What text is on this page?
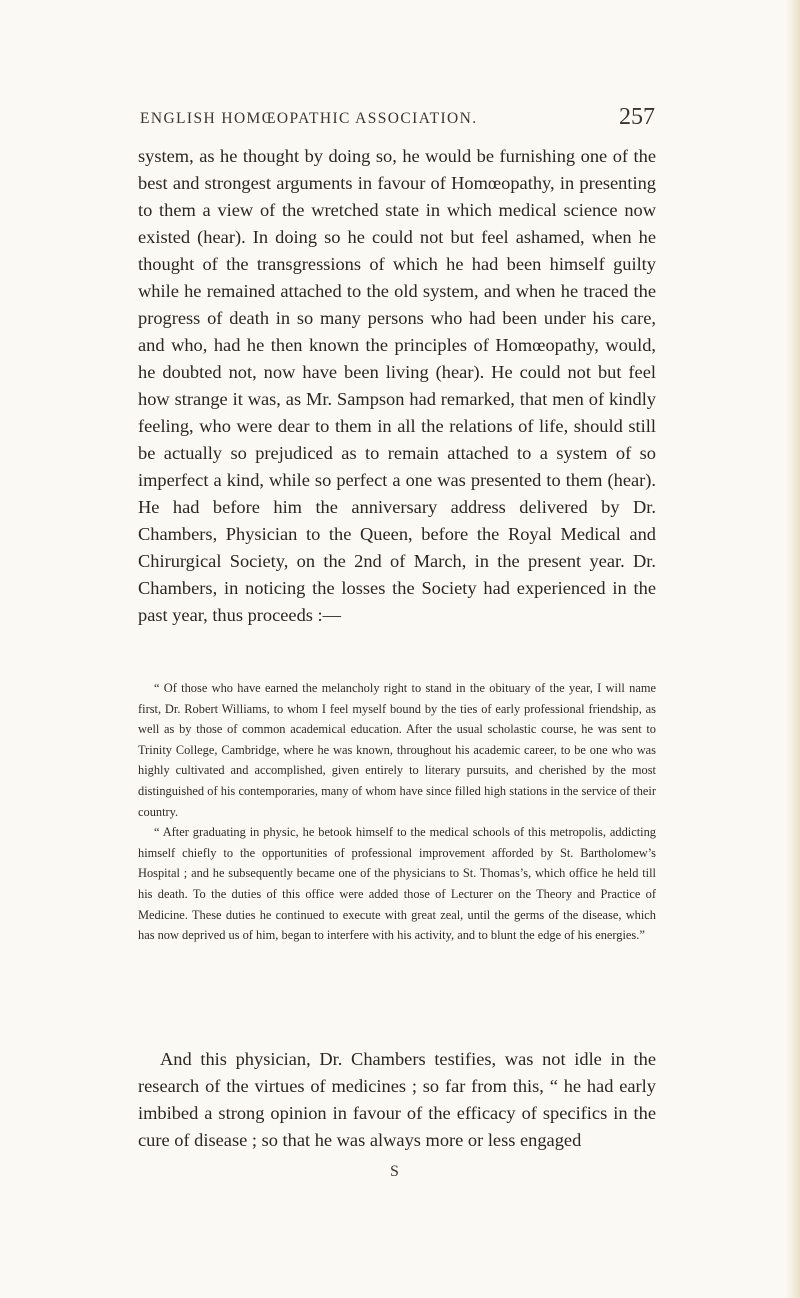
ENGLISH HOMŒOPATHIC ASSOCIATION.	257

system, as he thought by doing so, he would be furnishing one of the best and strongest arguments in favour of Homœopathy, in presenting to them a view of the wretched state in which medical science now existed (hear). In doing so he could not but feel ashamed, when he thought of the transgressions of which he had been himself guilty while he remained attached to the old system, and when he traced the progress of death in so many persons who had been under his care, and who, had he then known the principles of Homœopathy, would, he doubted not, now have been living (hear). He could not but feel how strange it was, as Mr. Sampson had remarked, that men of kindly feeling, who were dear to them in all the relations of life, should still be actually so prejudiced as to remain attached to a system of so imperfect a kind, while so perfect a one was presented to them (hear). He had before him the anniversary address delivered by Dr. Chambers, Physician to the Queen, before the Royal Medical and Chirurgical Society, on the 2nd of March, in the present year. Dr. Chambers, in noticing the losses the Society had experienced in the past year, thus proceeds :—

“ Of those who have earned the melancholy right to stand in the obituary of the year, I will name first, Dr. Robert Williams, to whom I feel myself bound by the ties of early professional friendship, as well as by those of common academical education. After the usual scholastic course, he was sent to Trinity College, Cambridge, where he was known, throughout his academic career, to be one who was highly cultivated and accomplished, given entirely to literary pursuits, and cherished by the most distinguished of his contemporaries, many of whom have since filled high stations in the service of their country.

“ After graduating in physic, he betook himself to the medical schools of this metropolis, addicting himself chiefly to the opportunities of professional improvement afforded by St. Bartholomew’s Hospital ; and he subsequently became one of the physicians to St. Thomas’s, which office he held till his death. To the duties of this office were added those of Lecturer on the Theory and Practice of Medicine. These duties he continued to execute with great zeal, until the germs of the disease, which has now deprived us of him, began to interfere with his activity, and to blunt the edge of his energies.”

And this physician, Dr. Chambers testifies, was not idle in the research of the virtues of medicines ; so far from this, “ he had early imbibed a strong opinion in favour of the efficacy of specifics in the cure of disease ; so that he was always more or less engaged

S
